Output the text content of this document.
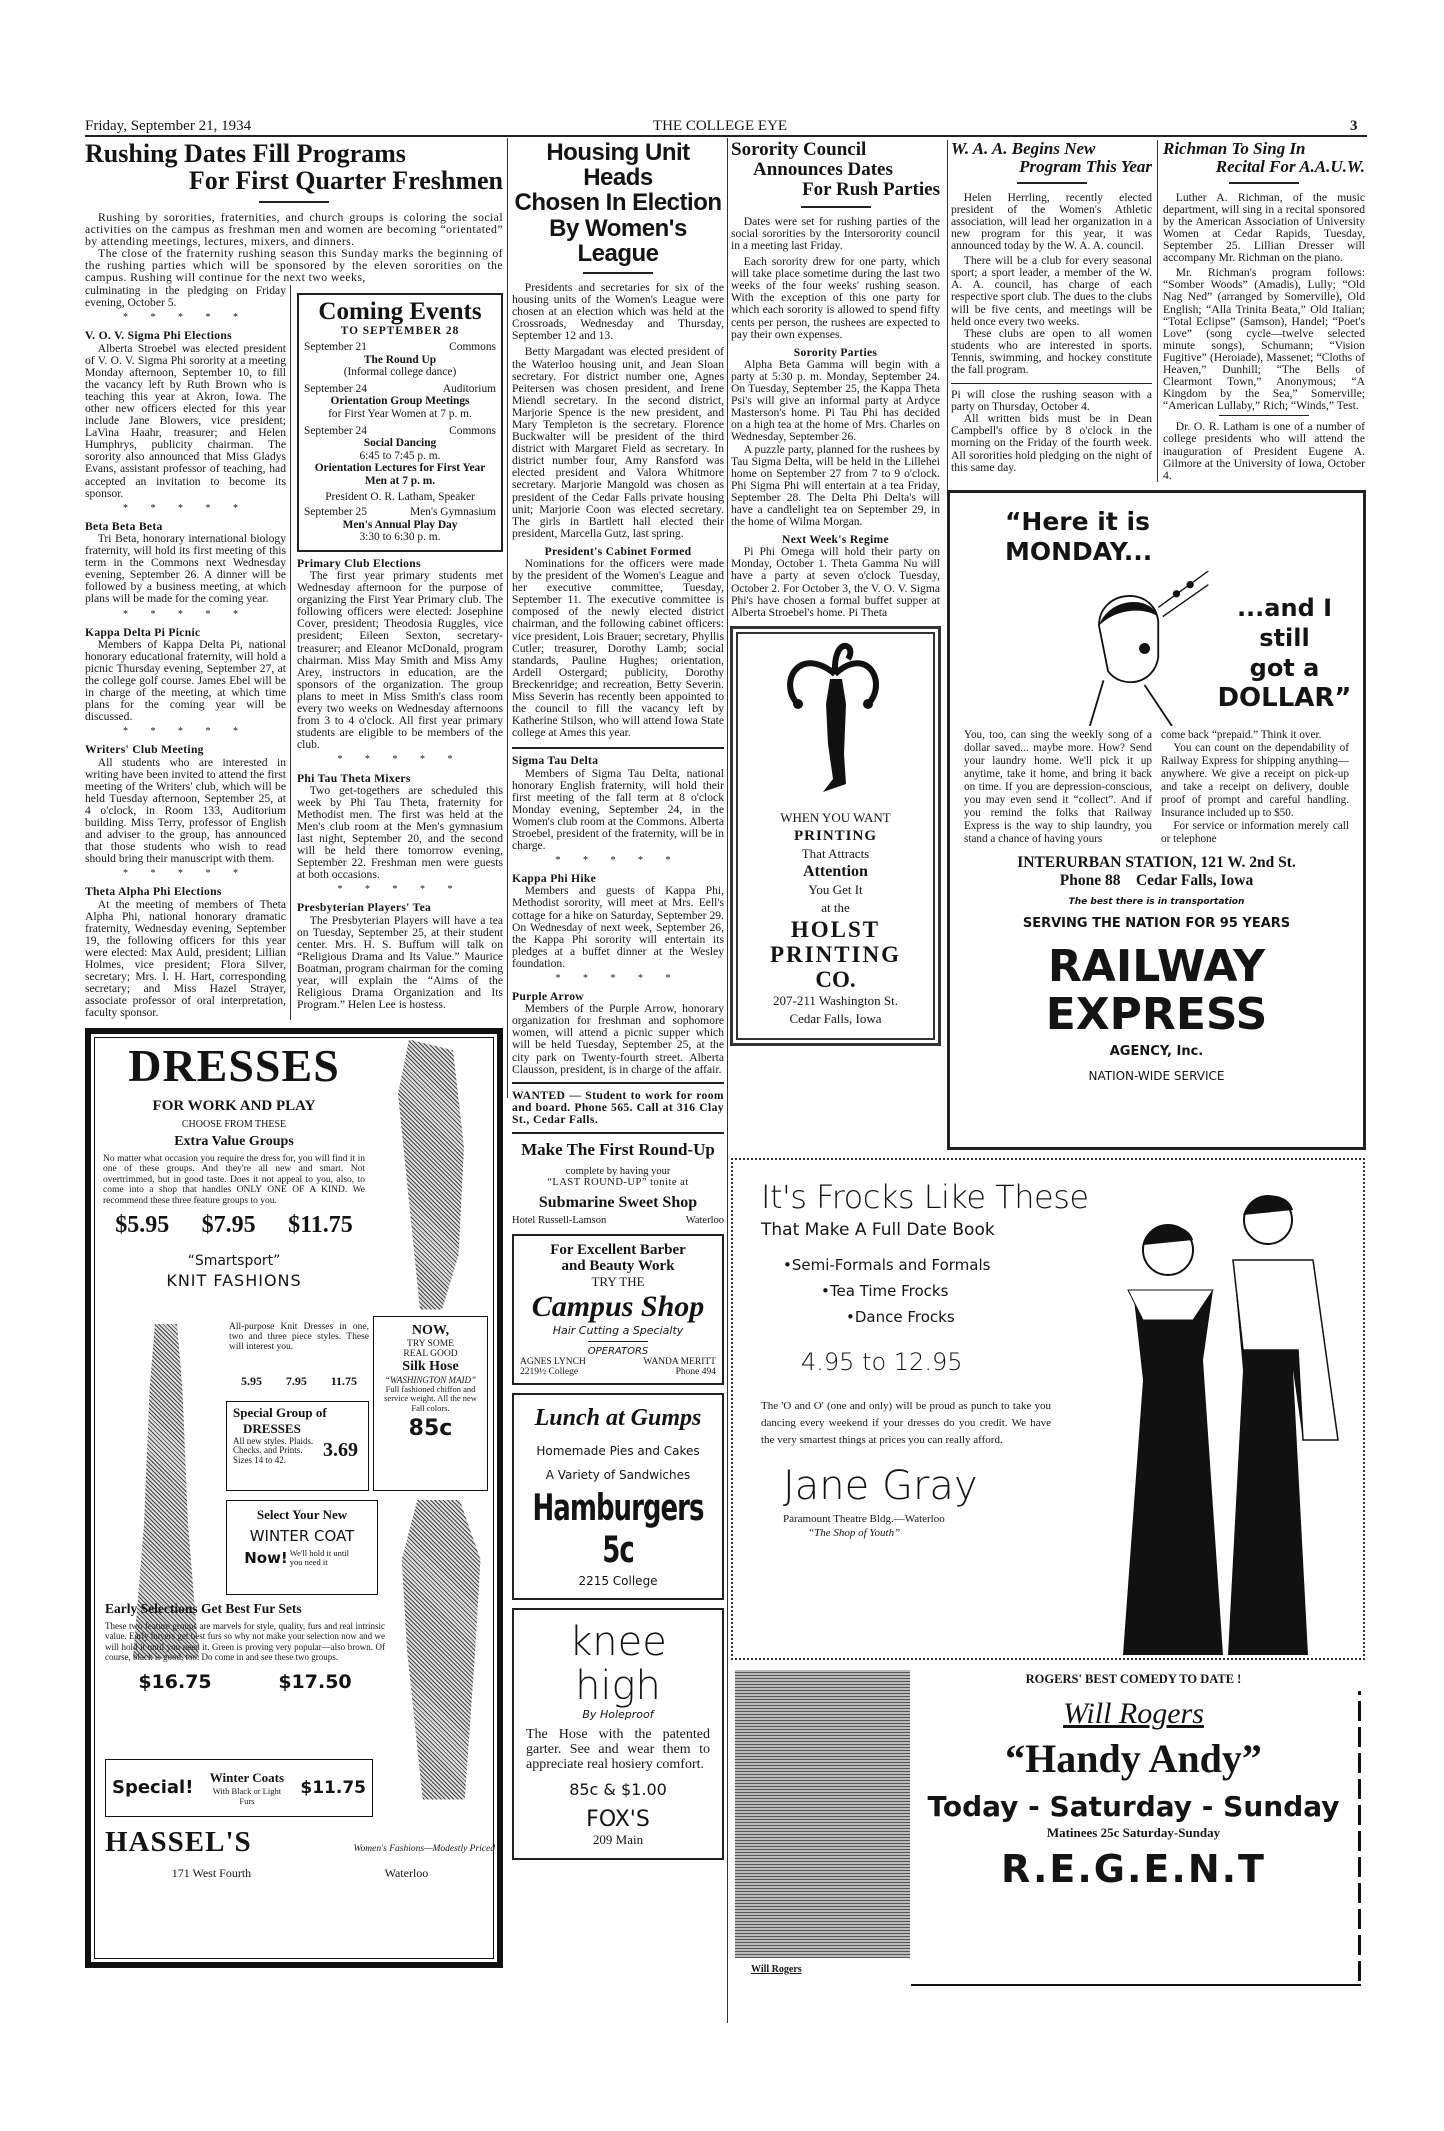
Friday, September 21, 1934	THE COLLEGE EYE	3
Rushing Dates Fill Programs
For First Quarter Freshmen

Rushing by sororities, fraternities, and church groups is coloring the social activities on the campus as freshman men and women are becoming “orientated” by attending meetings, lectures, mixers, and dinners.

The close of the fraternity rushing season this Sunday marks the beginning of the rushing parties which will be sponsored by the eleven sororities on the campus. Rushing will continue for the next two weeks,

culminating in the pledging on Friday evening, October 5.

* * * * *
V. O. V. Sigma Phi Elections

Alberta Stroebel was elected president of V. O. V. Sigma Phi sorority at a meeting Monday afternoon, September 10, to fill the vacancy left by Ruth Brown who is teaching this year at Akron, Iowa. The other new officers elected for this year include Jane Blowers, vice president; LaVina Haahr, treasurer; and Helen Humphrys, publicity chairman. The sorority also announced that Miss Gladys Evans, assistant professor of teaching, had accepted an invitation to become its sponsor.

* * * * *
Beta Beta Beta

Tri Beta, honorary international biology fraternity, will hold its first meeting of this term in the Commons next Wednesday evening, September 26. A dinner will be followed by a business meeting, at which plans will be made for the coming year.

* * * * *
Kappa Delta Pi Picnic

Members of Kappa Delta Pi, national honorary educational fraternity, will hold a picnic Thursday evening, September 27, at the college golf course. James Ebel will be in charge of the meeting, at which time plans for the coming year will be discussed.

* * * * *
Writers' Club Meeting

All students who are interested in writing have been invited to attend the first meeting of the Writers' club, which will be held Tuesday afternoon, September 25, at 4 o'clock, in Room 133, Auditorium building. Miss Terry, professor of English and adviser to the group, has announced that those students who wish to read should bring their manuscript with them.

* * * * *
Theta Alpha Phi Elections

At the meeting of members of Theta Alpha Phi, national honorary dramatic fraternity, Wednesday evening, September 19, the following officers for this year were elected: Max Auld, president; Lillian Holmes, vice president; Flora Silver, secretary; Mrs. I. H. Hart, corresponding secretary; and Miss Hazel Strayer, associate professor of oral interpretation, faculty sponsor.

Coming Events
TO SEPTEMBER 28
September 21	Commons
The Round Up
(Informal college dance)
September 24	Auditorium
Orientation Group Meetings
for First Year Women at 7 p. m.
September 24	Commons
Social Dancing
6:45 to 7:45 p. m.
Orientation Lectures for First Year Men at 7 p. m.
President O. R. Latham, Speaker
September 25	Men's Gymnasium
Men's Annual Play Day
3:30 to 6:30 p. m.
Primary Club Elections

The first year primary students met Wednesday afternoon for the purpose of organizing the First Year Primary club. The following officers were elected: Josephine Cover, president; Theodosia Ruggles, vice president; Eileen Sexton, secretary-treasurer; and Eleanor McDonald, program chairman. Miss May Smith and Miss Amy Arey, instructors in education, are the sponsors of the organization. The group plans to meet in Miss Smith's class room every two weeks on Wednesday afternoons from 3 to 4 o'clock. All first year primary students are eligible to be members of the club.

* * * * *
Phi Tau Theta Mixers

Two get-togethers are scheduled this week by Phi Tau Theta, fraternity for Methodist men. The first was held at the Men's club room at the Men's gymnasium last night, September 20, and the second will be held there tomorrow evening, September 22. Freshman men were guests at both occasions.

* * * * *
Presbyterian Players' Tea

The Presbyterian Players will have a tea on Tuesday, September 25, at their student center. Mrs. H. S. Buffum will talk on “Religious Drama and Its Value.” Maurice Boatman, program chairman for the coming year, will explain the “Aims of the Religious Drama Organization and Its Program.” Helen Lee is hostess.

DRESSES
FOR WORK AND PLAY
CHOOSE FROM THESE
Extra Value Groups
No matter what occasion you require the dress for, you will find it in one of these groups. And they're all new and smart. Not overtrimmed, but in good taste. Does it not appeal to you, also, to come into a shop that handles ONLY ONE OF A KIND. We recommend these three feature groups to you.
$5.95 $7.95 $11.75
“Smartsport”
KNIT FASHIONS
All-purpose Knit Dresses in one, two and three piece styles. These will interest you.
5.95 7.95 11.75
Special Group of
DRESSES
All new styles. Plaids. Checks. and Prints. Sizes 14 to 42.	3.69
NOW,
TRY SOME
REAL GOOD
Silk Hose
“WASHINGTON MAID”
Full fashioned chiffon and service weight. All the new Fall colors.
85c
Select Your New
WINTER COAT
Now! We'll hold it until you need it
Early Selections Get Best Fur Sets
These two feature groups are marvels for style, quality, furs and real intrinsic value. Early buyers get best furs so why not make your selection now and we will hold it until you need it. Green is proving very popular—also brown. Of course, black is good, too. Do come in and see these two groups.
$16.75	$17.50
Special! Winter Coats
With Black or Light Furs
$11.75
HASSEL'S	Women's Fashions—Modestly Priced
171 West Fourth	Waterloo
Housing Unit Heads
Chosen In Election
By Women's League

Presidents and secretaries for six of the housing units of the Women's League were chosen at an election which was held at the Crossroads, Wednesday and Thursday, September 12 and 13.

Betty Margadant was elected president of the Waterloo housing unit, and Jean Sloan secretary. For district number one, Agnes Peitersen was chosen president, and Irene Miendl secretary. In the second district, Marjorie Spence is the new president, and Mary Templeton is the secretary. Florence Buckwalter will be president of the third district with Margaret Field as secretary. In district number four, Amy Ransford was elected president and Valora Whitmore secretary. Marjorie Mangold was chosen as president of the Cedar Falls private housing unit; Marjorie Coon was elected secretary. The girls in Bartlett hall elected their president, Marcella Gutz, last spring.

President's Cabinet Formed

Nominations for the officers were made by the president of the Women's League and her executive committee, Tuesday, September 11. The executive committee is composed of the newly elected district chairman, and the following cabinet officers: vice president, Lois Brauer; secretary, Phyllis Cutler; treasurer, Dorothy Lamb; social standards, Pauline Hughes; orientation, Ardell Ostergard; publicity, Dorothy Breckenridge; and recreation, Betty Severin. Miss Severin has recently been appointed to the council to fill the vacancy left by Katherine Stilson, who will attend Iowa State college at Ames this year.

Sigma Tau Delta

Members of Sigma Tau Delta, national honorary English fraternity, will hold their first meeting of the fall term at 8 o'clock Monday evening, September 24, in the Women's club room at the Commons. Alberta Stroebel, president of the fraternity, will be in charge.

* * * * *
Kappa Phi Hike

Members and guests of Kappa Phi, Methodist sorority, will meet at Mrs. Eell's cottage for a hike on Saturday, September 29. On Wednesday of next week, September 26, the Kappa Phi sorority will entertain its pledges at a buffet dinner at the Wesley foundation.

* * * * *
Purple Arrow

Members of the Purple Arrow, honorary organization for freshman and sophomore women, will attend a picnic supper which will be held Tuesday, September 25, at the city park on Twenty-fourth street. Alberta Clausson, president, is in charge of the affair.

WANTED — Student to work for room and board. Phone 565. Call at 316 Clay St., Cedar Falls.

Make The First Round-Up
complete by having your
“LAST ROUND-UP” tonite at
Submarine Sweet Shop
Hotel Russell-Lamson	Waterloo
For Excellent Barber
and Beauty Work
TRY THE
Campus Shop
Hair Cutting a Specialty
OPERATORS
AGNES LYNCH	WANDA MERITT
2219½ College	Phone 494
Lunch at Gumps
Homemade Pies and Cakes
A Variety of Sandwiches
Hamburgers 5c
2215 College
knee high
By Holeproof
The Hose with the patented garter. See and wear them to appreciate real hosiery comfort.
85c & $1.00
FOX'S
209 Main
Sorority Council
Announces Dates
For Rush Parties

Dates were set for rushing parties of the social sororities by the Intersorority council in a meeting last Friday.

Each sorority drew for one party, which will take place sometime during the last two weeks of the four weeks' rushing season. With the exception of this one party for which each sorority is allowed to spend fifty cents per person, the rushees are expected to pay their own expenses.

Sorority Parties

Alpha Beta Gamma will begin with a party at 5:30 p. m. Monday, September 24. On Tuesday, September 25, the Kappa Theta Psi's will give an informal party at Ardyce Masterson's home. Pi Tau Phi has decided on a high tea at the home of Mrs. Charles on Wednesday, September 26.

A puzzle party, planned for the rushees by Tau Sigma Delta, will be held in the Lillehei home on September 27 from 7 to 9 o'clock. Phi Sigma Phi will entertain at a tea Friday, September 28. The Delta Phi Delta's will have a candlelight tea on September 29, in the home of Wilma Morgan.

Next Week's Regime

Pi Phi Omega will hold their party on Monday, October 1. Theta Gamma Nu will have a party at seven o'clock Tuesday, October 2. For October 3, the V. O. V. Sigma Phi's have chosen a formal buffet supper at Alberta Stroebel's home. Pi Theta

WHEN YOU WANT
PRINTING
That Attracts
Attention
You Get It
at the
HOLST
PRINTING
CO.
207-211 Washington St.
Cedar Falls, Iowa
W. A. A. Begins New
Program This Year

Helen Herrling, recently elected president of the Women's Athletic association, will lead her organization in a new program for this year, it was announced today by the W. A. A. council.

There will be a club for every seasonal sport; a sport leader, a member of the W. A. A. council, has charge of each respective sport club. The dues to the clubs will be five cents, and meetings will be held once every two weeks.

These clubs are open to all women students who are interested in sports. Tennis, swimming, and hockey constitute the fall program.

Pi will close the rushing season with a party on Thursday, October 4.

All written bids must be in Dean Campbell's office by 8 o'clock in the morning on the Friday of the fourth week. All sororities hold pledging on the night of this same day.

Richman To Sing In
Recital For A.A.U.W.

Luther A. Richman, of the music department, will sing in a recital sponsored by the American Association of University Women at Cedar Rapids, Tuesday, September 25. Lillian Dresser will accompany Mr. Richman on the piano.

Mr. Richman's program follows: “Somber Woods” (Amadis), Lully; “Old Nag Ned” (arranged by Somerville), Old English; “Alla Trinita Beata,” Old Italian; “Total Eclipse” (Samson), Handel; “Poet's Love” (song cycle—twelve selected minute songs), Schumann; “Vision Fugitive” (Heroiade), Massenet; “Cloths of Heaven,” Dunhill; “The Bells of Clearmont Town,” Anonymous; “A Kingdom by the Sea,” Somerville; “American Lullaby,” Rich; “Winds,” Test.

Dr. O. R. Latham is one of a number of college presidents who will attend the inauguration of President Eugene A. Gilmore at the University of Iowa, October 4.

“Here it is
MONDAY...
...and I still
got a
DOLLAR”
You, too, can sing the weekly song of a dollar saved... maybe more. How? Send your laundry home. We'll pick it up anytime, take it home, and bring it back on time. If you are depression-conscious, you may even send it “collect”. And if you remind the folks that Railway Express is the way to ship laundry, you stand a chance of having yours

come back “prepaid.” Think it over.

You can count on the dependability of Railway Express for shipping anything—anywhere. We give a receipt on pick-up and take a receipt on delivery, double proof of prompt and careful handling. Insurance included up to $50.

For service or information merely call or telephone

INTERURBAN STATION, 121 W. 2nd St.
Phone 88 Cedar Falls, Iowa
The best there is in transportation
SERVING THE NATION FOR 95 YEARS
RAILWAY
EXPRESS
AGENCY, Inc.
NATION-WIDE SERVICE
It's Frocks Like These
That Make A Full Date Book
•Semi-Formals and Formals
•Tea Time Frocks
•Dance Frocks
4.95 to 12.95
The 'O and O' (one and only) will be proud as punch to take you dancing every weekend if your dresses do you credit. We have the very smartest things at prices you can really afford.
Jane Gray
Paramount Theatre Bldg.—Waterloo
“The Shop of Youth”
Will Rogers
ROGERS' BEST COMEDY TO DATE !
Will Rogers
“Handy Andy”
Today - Saturday - Sunday
Matinees 25c Saturday-Sunday
R.E.G.E.N.T
